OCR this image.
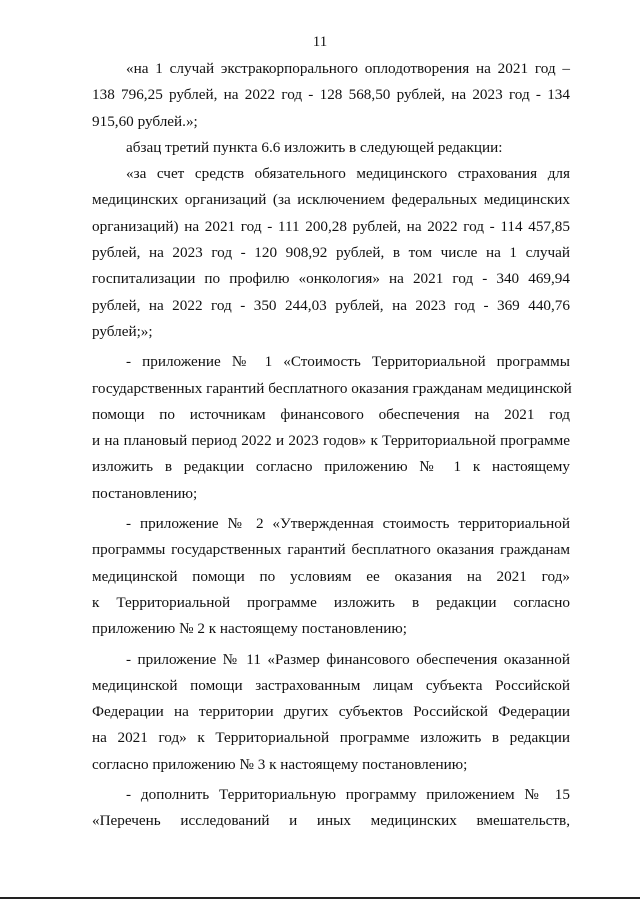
11
«на 1 случай экстракорпорального оплодотворения на 2021 год –
138 796,25 рублей, на 2022 год - 128 568,50 рублей, на 2023 год - 134
915,60 рублей.»;
абзац третий пункта 6.6 изложить в следующей редакции:
«за счет средств обязательного медицинского страхования для
медицинских организаций (за исключением федеральных медицинских
организаций) на 2021 год - 111 200,28 рублей, на 2022 год - 114 457,85
рублей, на 2023 год - 120 908,92 рублей, в том числе на 1 случай
госпитализации по профилю «онкология» на 2021 год - 340 469,94
рублей, на 2022 год - 350 244,03 рублей, на 2023 год - 369 440,76
рублей;»;
- приложение № 1 «Стоимость Территориальной программы
государственных гарантий бесплатного оказания гражданам медицинской
помощи по источникам финансового обеспечения на 2021 год
и на плановый период 2022 и 2023 годов» к Территориальной программе
изложить в редакции согласно приложению № 1 к настоящему
постановлению;
- приложение № 2 «Утвержденная стоимость территориальной
программы государственных гарантий бесплатного оказания гражданам
медицинской помощи по условиям ее оказания на 2021 год»
к Территориальной программе изложить в редакции согласно
приложению № 2 к настоящему постановлению;
- приложение № 11 «Размер финансового обеспечения оказанной
медицинской помощи застрахованным лицам субъекта Российской
Федерации на территории других субъектов Российской Федерации
на 2021 год» к Территориальной программе изложить в редакции
согласно приложению № 3 к настоящему постановлению;
- дополнить Территориальную программу приложением № 15
«Перечень исследований и иных медицинских вмешательств,
